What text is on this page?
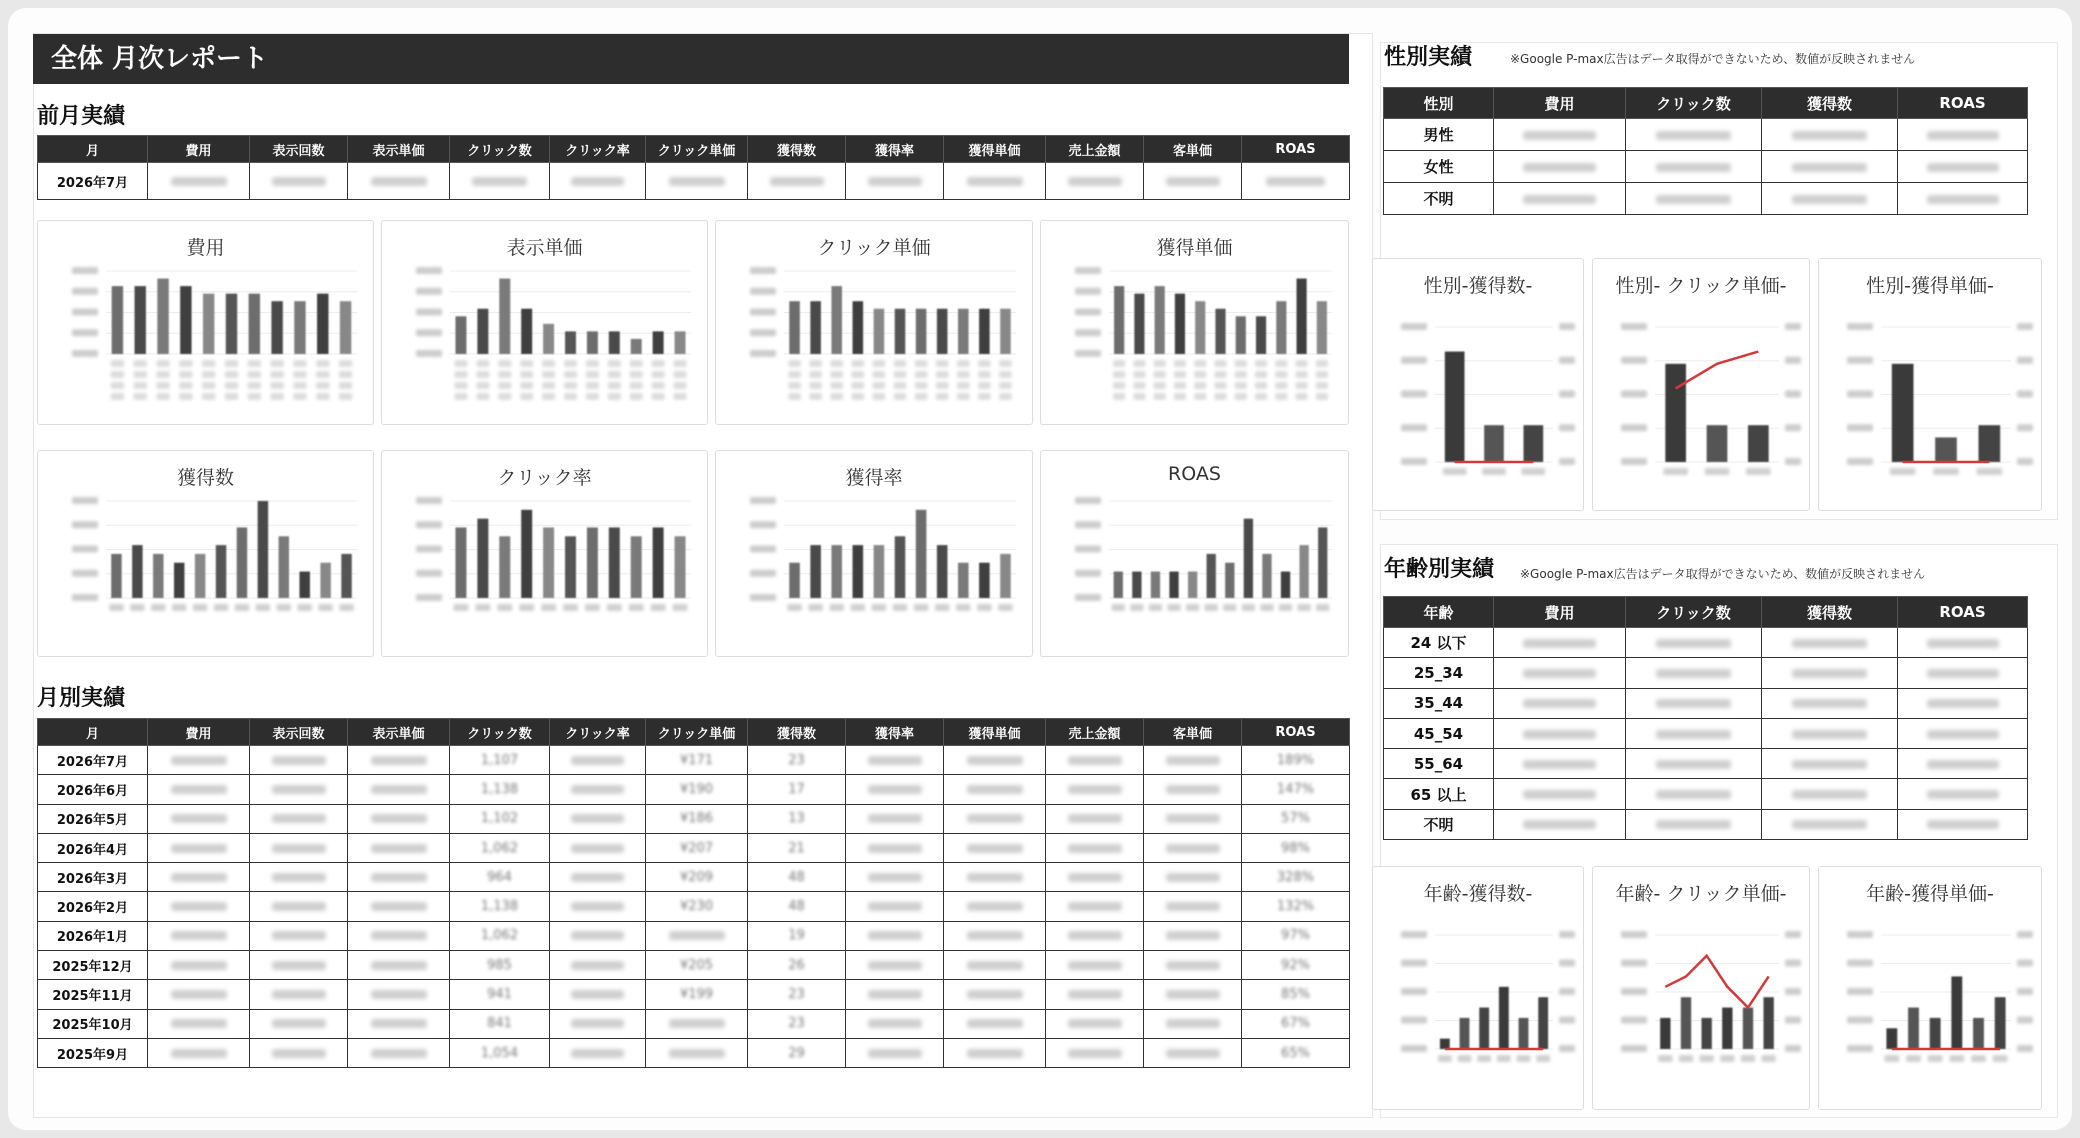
全体 月次レポート
前月実績
月	費用	表示回数	表示単価	クリック数	クリック率	クリック単価	獲得数	獲得率	獲得単価	売上金額	客単価	ROAS
2026年7月												
費用	表示単価	クリック単価	獲得単価
獲得数	クリック率	獲得率	ROAS
月別実績
月	費用	表示回数	表示単価	クリック数	クリック率	クリック単価	獲得数	獲得率	獲得単価	売上金額	客単価	ROAS
2026年7月				1,107		¥171	23					189%
2026年6月				1,138		¥190	17					147%
2026年5月				1,102		¥186	13					57%
2026年4月				1,062		¥207	21					98%
2026年3月				964		¥209	48					328%
2026年2月				1,138		¥230	48					132%
2026年1月				1,062			19					97%
2025年12月				985		¥205	26					92%
2025年11月				941		¥199	23					85%
2025年10月				841			23					67%
2025年9月				1,054			29					65%
性別実績	※Google P-max広告はデータ取得ができないため、数値が反映されません
性別	費用	クリック数	獲得数	ROAS
男性				
女性				
不明				
年齢別実績 ※Google P-max広告はデータ取得ができないため、数値が反映されません
年齢	費用	クリック数	獲得数	ROAS
24 以下				
25_34				
35_44				
45_54				
55_64				
65 以上				
不明				
性別-獲得数-	性別- クリック単価-	性別-獲得単価-
年齢-獲得数-	年齢- クリック単価-	年齢-獲得単価-
